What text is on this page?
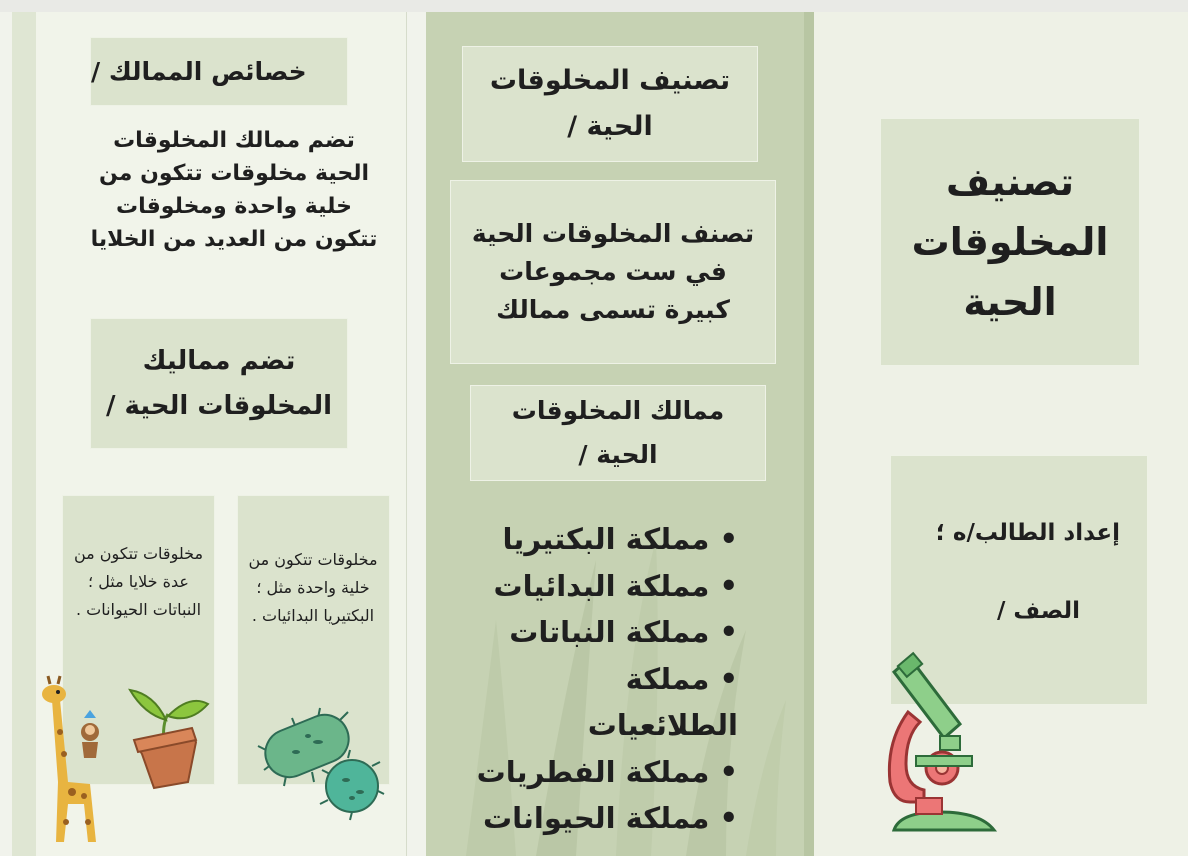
خصائص الممالك /
تضم ممالك المخلوقات الحية مخلوقات تتكون من خلية واحدة ومخلوقات تتكون من العديد من الخلايا
تضم مماليك المخلوقات الحية /
مخلوقات تتكون من عدة خلايا مثل ؛ النباتات الحيوانات .
مخلوقات تتكون من خلية واحدة مثل ؛ البكتيريا البدائيات .
تصنيف المخلوقات الحية /
تصنف المخلوقات الحية في ست مجموعات كبيرة تسمى ممالك
ممالك المخلوقات الحية /
• مملكة البكتيريا
• مملكة البدائيات
• مملكة النباتات
• مملكة الطلائعيات
• مملكة الفطريات
• مملكة الحيوانات
تصنيف المخلوقات الحية
إعداد الطالب/ه ؛
الصف /
